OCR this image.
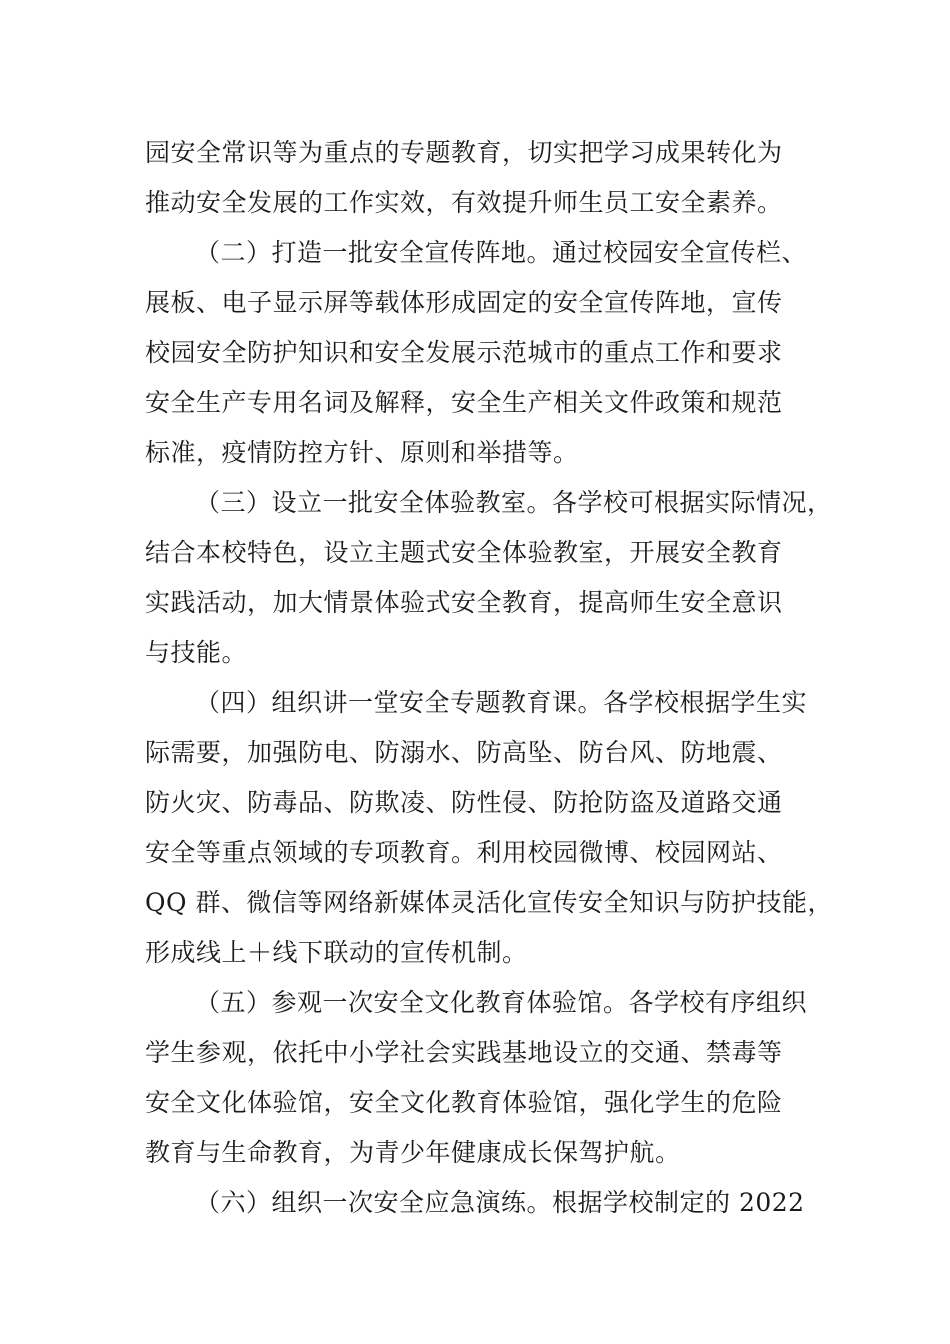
园安全常识等为重点的专题教育，切实把学习成果转化为
推动安全发展的工作实效，有效提升师生员工安全素养。
（二）打造一批安全宣传阵地。通过校园安全宣传栏、
展板、电子显示屏等载体形成固定的安全宣传阵地，宣传
校园安全防护知识和安全发展示范城市的重点工作和要求
安全生产专用名词及解释，安全生产相关文件政策和规范
标准，疫情防控方针、原则和举措等。
（三）设立一批安全体验教室。各学校可根据实际情况，
结合本校特色，设立主题式安全体验教室，开展安全教育
实践活动，加大情景体验式安全教育，提高师生安全意识
与技能。
（四）组织讲一堂安全专题教育课。各学校根据学生实
际需要，加强防电、防溺水、防高坠、防台风、防地震、
防火灾、防毒品、防欺凌、防性侵、防抢防盗及道路交通
安全等重点领域的专项教育。利用校园微博、校园网站、
QQ 群、微信等网络新媒体灵活化宣传安全知识与防护技能，
形成线上＋线下联动的宣传机制。
（五）参观一次安全文化教育体验馆。各学校有序组织
学生参观，依托中小学社会实践基地设立的交通、禁毒等
安全文化体验馆，安全文化教育体验馆，强化学生的危险
教育与生命教育，为青少年健康成长保驾护航。
（六）组织一次安全应急演练。根据学校制定的 2022
